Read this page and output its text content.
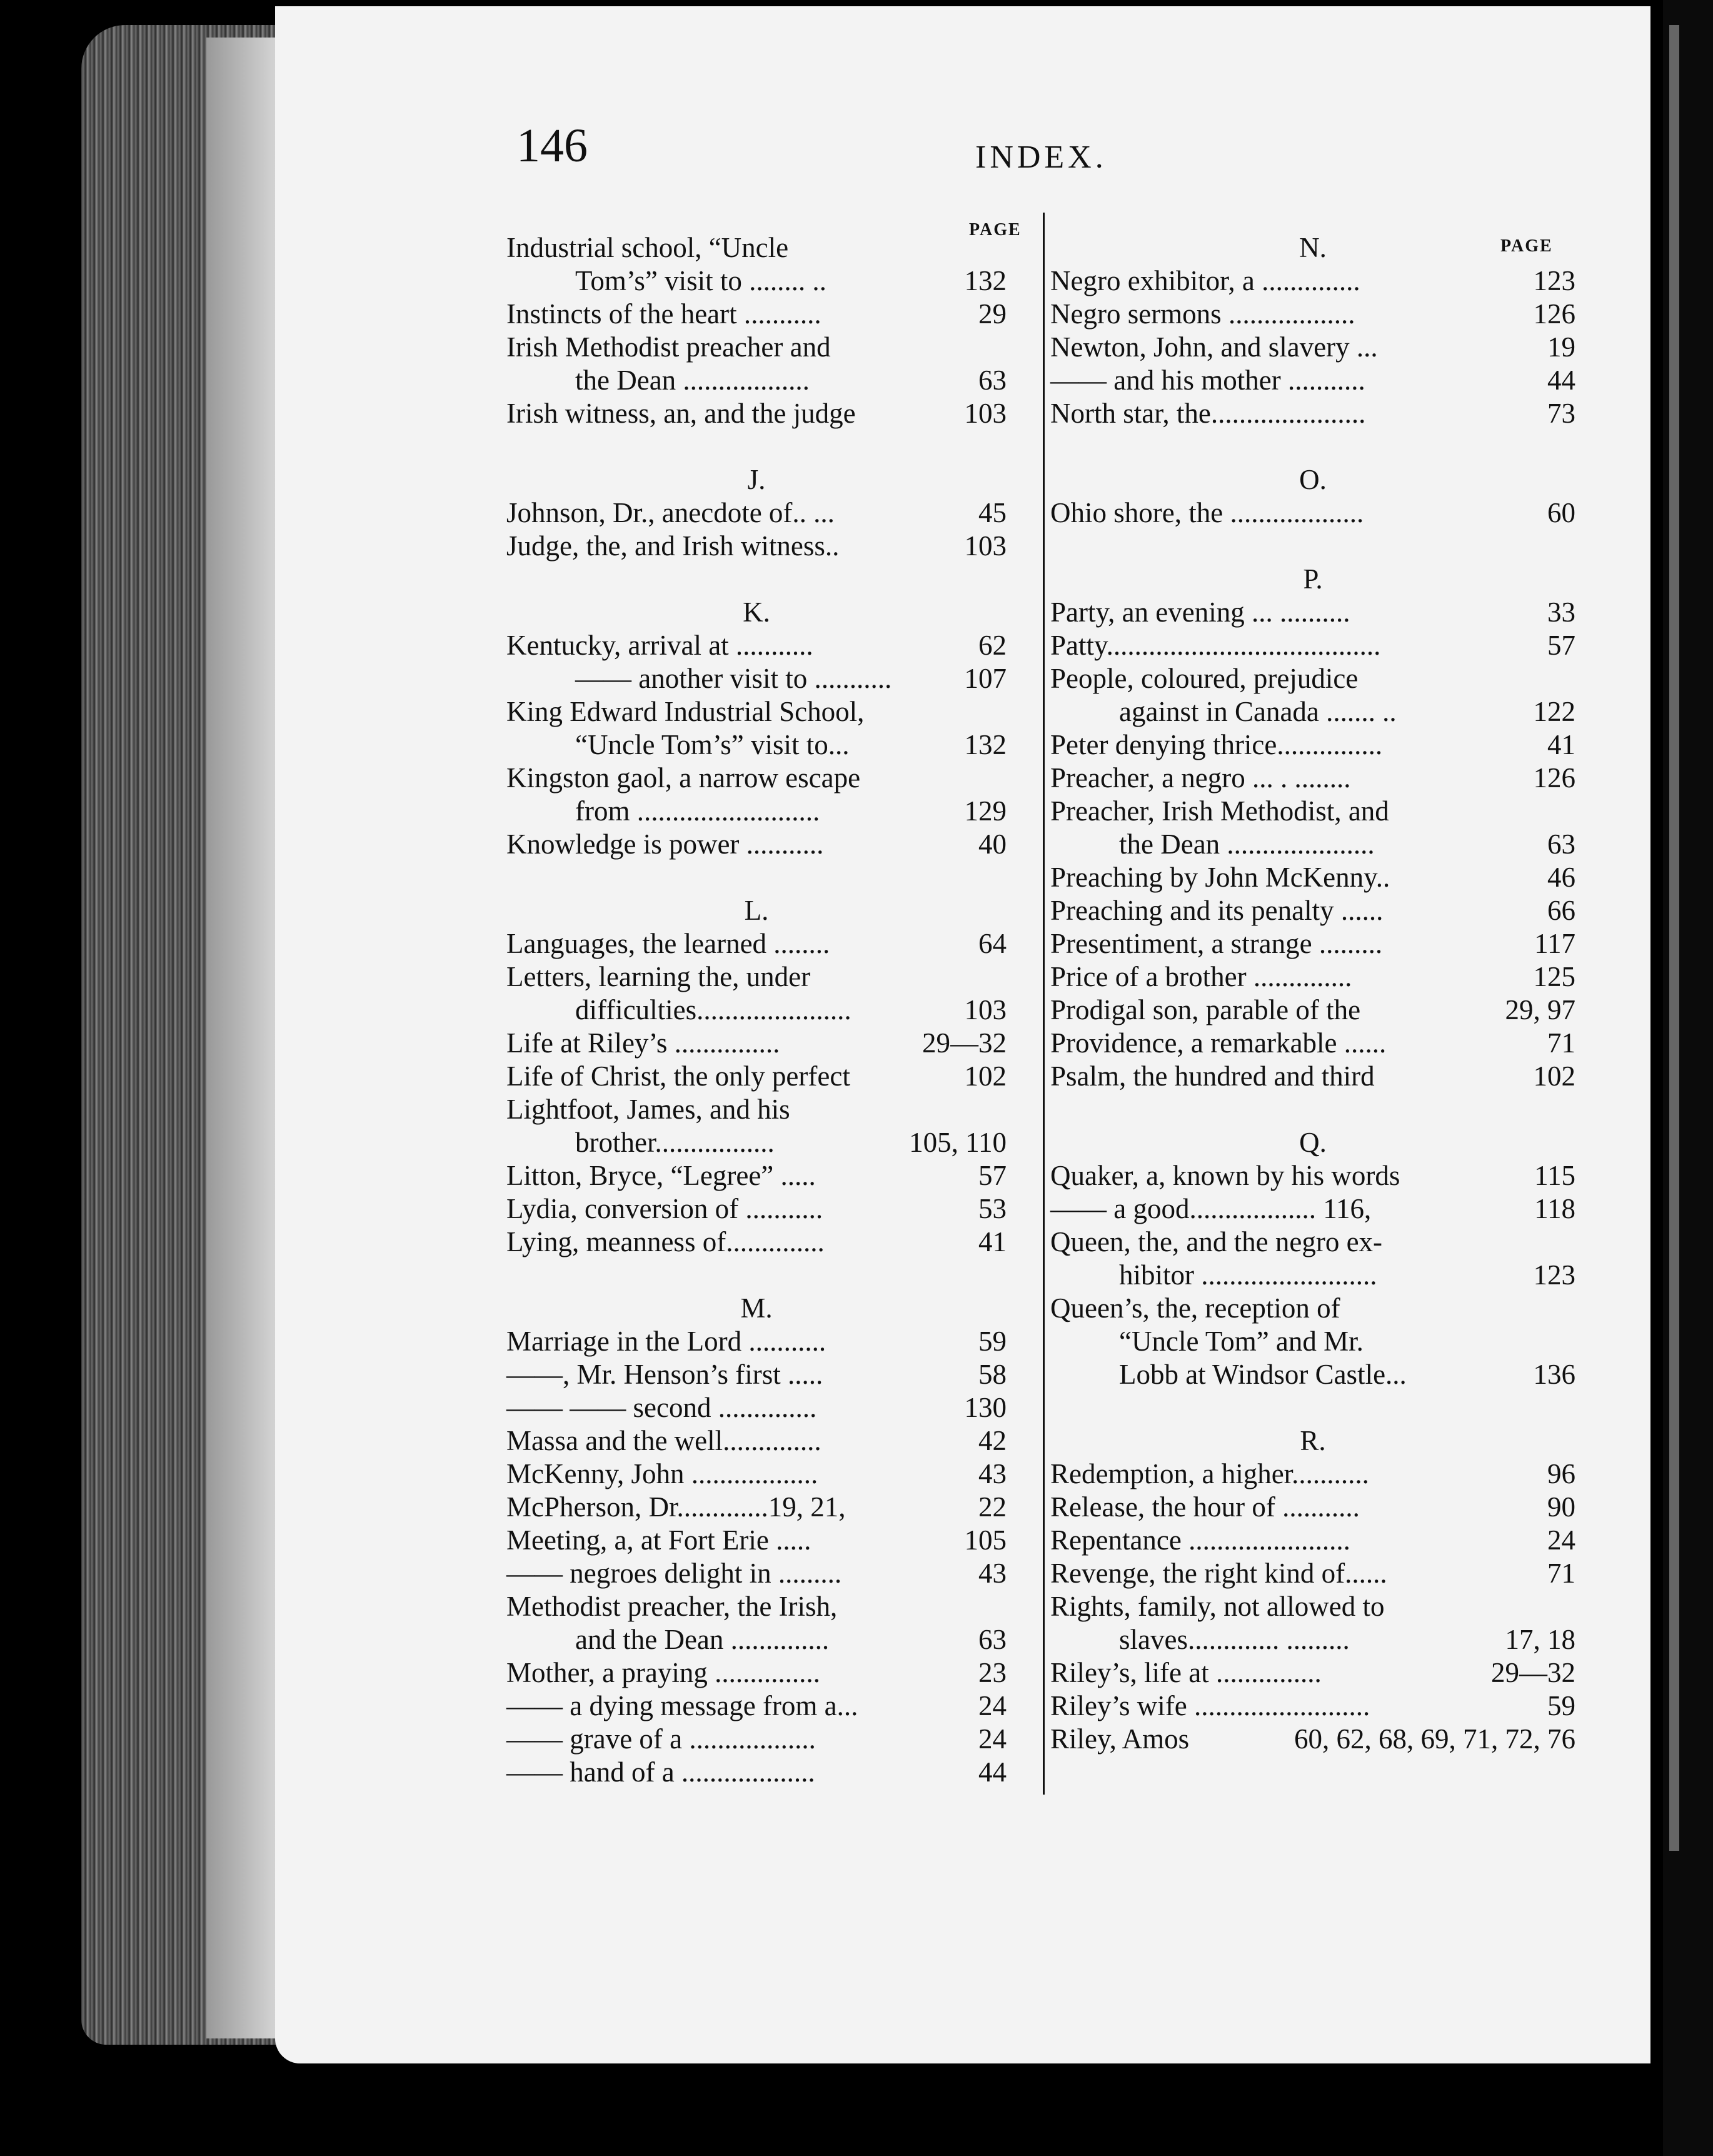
146	INDEX.
PAGE
PAGE
Industrial school, “Uncle
Tom’s” visit to ........ ..	132
Instincts of the heart ...........	29
Irish Methodist preacher and
the Dean ..................	63
Irish witness, an, and the judge	103
J.
Johnson, Dr., anecdote of.. ...	45
Judge, the, and Irish witness..	103
K.
Kentucky, arrival at ...........	62
—— another visit to ...........	107
King Edward Industrial School,
“Uncle Tom’s” visit to...	132
Kingston gaol, a narrow escape
from ..........................	129
Knowledge is power ...........	40
L.
Languages, the learned ........	64
Letters, learning the, under
difficulties......................	103
Life at Riley’s ...............	29—32
Life of Christ, the only perfect	102
Lightfoot, James, and his
brother.................	105, 110
Litton, Bryce, “Legree” .....	57
Lydia, conversion of ...........	53
Lying, meanness of..............	41
M.
Marriage in the Lord ...........	59
——, Mr. Henson’s first .....	58
—— —— second ..............	130
Massa and the well..............	42
McKenny, John ..................	43
McPherson, Dr.............19, 21,	22
Meeting, a, at Fort Erie .....	105
—— negroes delight in .........	43
Methodist preacher, the Irish,
and the Dean ..............	63
Mother, a praying ...............	23
—— a dying message from a...	24
—— grave of a ..................	24
—— hand of a ...................	44
N.
Negro exhibitor, a ..............	123
Negro sermons ..................	126
Newton, John, and slavery ...	19
—— and his mother ...........	44
North star, the......................	73
O.
Ohio shore, the ...................	60
P.
Party, an evening ... ..........	33
Patty.......................................	57
People, coloured, prejudice
against in Canada ....... ..	122
Peter denying thrice...............	41
Preacher, a negro ... . ........	126
Preacher, Irish Methodist, and
the Dean .....................	63
Preaching by John McKenny..	46
Preaching and its penalty ......	66
Presentiment, a strange .........	117
Price of a brother ..............	125
Prodigal son, parable of the	29, 97
Providence, a remarkable ......	71
Psalm, the hundred and third	102
Q.
Quaker, a, known by his words	115
—— a good.................. 116,	118
Queen, the, and the negro ex-
hibitor .........................	123
Queen’s, the, reception of
“Uncle Tom” and Mr.
Lobb at Windsor Castle...	136
R.
Redemption, a higher...........	96
Release, the hour of ...........	90
Repentance .......................	24
Revenge, the right kind of......	71
Rights, family, not allowed to
slaves............. .........	17, 18
Riley’s, life at ...............	29—32
Riley’s wife .........................	59
Riley, Amos	60, 62, 68, 69, 71, 72, 76
